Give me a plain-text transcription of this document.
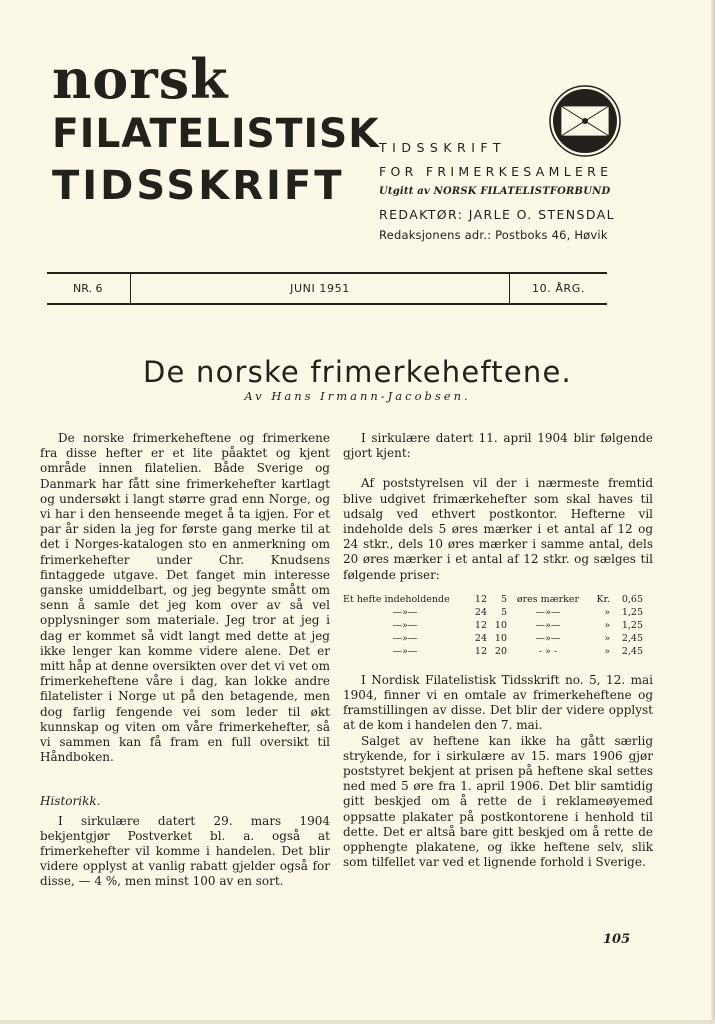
norsk
FILATELISTISK
TIDSSKRIFT
TIDSSKRIFT
FOR FRIMERKESAMLERE
Utgitt av NORSK FILATELISTFORBUND
REDAKTØR: JARLE O. STENSDAL
Redaksjonens adr.: Postboks 46, Høvik
NR. 6	JUNI 1951	10. ÅRG.
De norske frimerkeheftene.
Av Hans Irmann-Jacobsen.

De norske frimerkeheftene og frimerkene fra disse hefter er et lite påaktet og kjent område innen filatelien. Både Sverige og Danmark har fått sine frimerkehefter kartlagt og undersøkt i langt større grad enn Norge, og vi har i den henseende meget å ta igjen. For et par år siden la jeg for første gang merke til at det i Norges-katalogen sto en anmerkning om frimerkehefter under Chr. Knudsens fintaggede utgave. Det fanget min interesse ganske umiddelbart, og jeg begynte smått om senn å samle det jeg kom over av så vel opplysninger som materiale. Jeg tror at jeg i dag er kommet så vidt langt med dette at jeg ikke lenger kan komme videre alene. Det er mitt håp at denne oversikten over det vi vet om frimerkeheftene våre i dag, kan lokke andre filatelister i Norge ut på den betagende, men dog farlig fengende vei som leder til økt kunnskap og viten om våre frimerkehefter, så vi sammen kan få fram en full oversikt til Håndboken.

Historikk.

I sirkulære datert 29. mars 1904 bekjentgjør Postverket bl. a. også at frimerkehefter vil komme i handelen. Det blir videre opplyst at vanlig rabatt gjelder også for disse, — 4 %, men minst 100 av en sort.

I sirkulære datert 11. april 1904 blir følgende gjort kjent:

Af poststyrelsen vil der i nærmeste fremtid blive udgivet frimærkehefter som skal haves til udsalg ved ethvert postkontor. Hefterne vil indeholde dels 5 øres mærker i et antal af 12 og 24 stkr., dels 10 øres mærker i samme antal, dels 20 øres mærker i et antal af 12 stkr. og sælges til følgende priser:

Et hefte indeholdende	12	5	øres mærker	Kr.	0,65
—»—	24	5	—»—	»	1,25
—»—	12	10	—»—	»	1,25
—»—	24	10	—»—	»	2,45
—»—	12	20	- » -	»	2,45

I Nordisk Filatelistisk Tidsskrift no. 5, 12. mai 1904, finner vi en omtale av frimerkeheftene og framstillingen av disse. Det blir der videre opplyst at de kom i handelen den 7. mai.

Salget av heftene kan ikke ha gått særlig strykende, for i sirkulære av 15. mars 1906 gjør poststyret bekjent at prisen på heftene skal settes ned med 5 øre fra 1. april 1906. Det blir samtidig gitt beskjed om å rette de i reklameøyemed oppsatte plakater på postkontorene i henhold til dette. Det er altså bare gitt beskjed om å rette de opphengte plakatene, og ikke heftene selv, slik som tilfellet var ved et lignende forhold i Sverige.

105
